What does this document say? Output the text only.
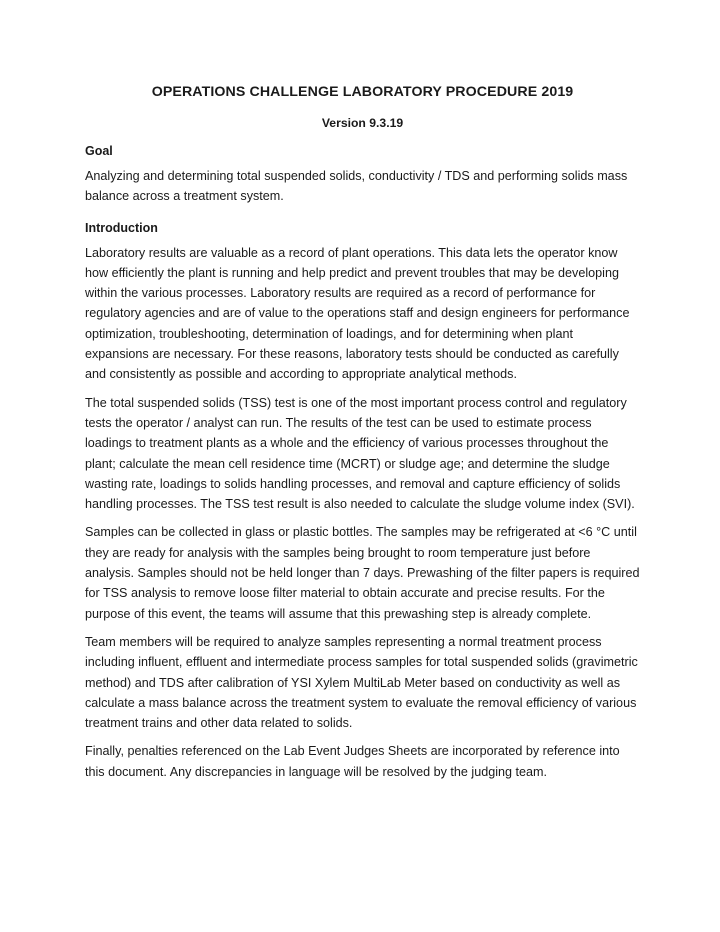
OPERATIONS CHALLENGE LABORATORY PROCEDURE 2019
Version 9.3.19
Goal

Analyzing and determining total suspended solids, conductivity / TDS and performing solids mass balance across a treatment system.

Introduction

Laboratory results are valuable as a record of plant operations. This data lets the operator know how efficiently the plant is running and help predict and prevent troubles that may be developing within the various processes. Laboratory results are required as a record of performance for regulatory agencies and are of value to the operations staff and design engineers for performance optimization, troubleshooting, determination of loadings, and for determining when plant expansions are necessary. For these reasons, laboratory tests should be conducted as carefully and consistently as possible and according to appropriate analytical methods.

The total suspended solids (TSS) test is one of the most important process control and regulatory tests the operator / analyst can run. The results of the test can be used to estimate process loadings to treatment plants as a whole and the efficiency of various processes throughout the plant; calculate the mean cell residence time (MCRT) or sludge age; and determine the sludge wasting rate, loadings to solids handling processes, and removal and capture efficiency of solids handling processes. The TSS test result is also needed to calculate the sludge volume index (SVI).

Samples can be collected in glass or plastic bottles. The samples may be refrigerated at <6 °C until they are ready for analysis with the samples being brought to room temperature just before analysis. Samples should not be held longer than 7 days. Prewashing of the filter papers is required for TSS analysis to remove loose filter material to obtain accurate and precise results. For the purpose of this event, the teams will assume that this prewashing step is already complete.

Team members will be required to analyze samples representing a normal treatment process including influent, effluent and intermediate process samples for total suspended solids (gravimetric method) and TDS after calibration of YSI Xylem MultiLab Meter based on conductivity as well as calculate a mass balance across the treatment system to evaluate the removal efficiency of various treatment trains and other data related to solids.

Finally, penalties referenced on the Lab Event Judges Sheets are incorporated by reference into this document. Any discrepancies in language will be resolved by the judging team.
